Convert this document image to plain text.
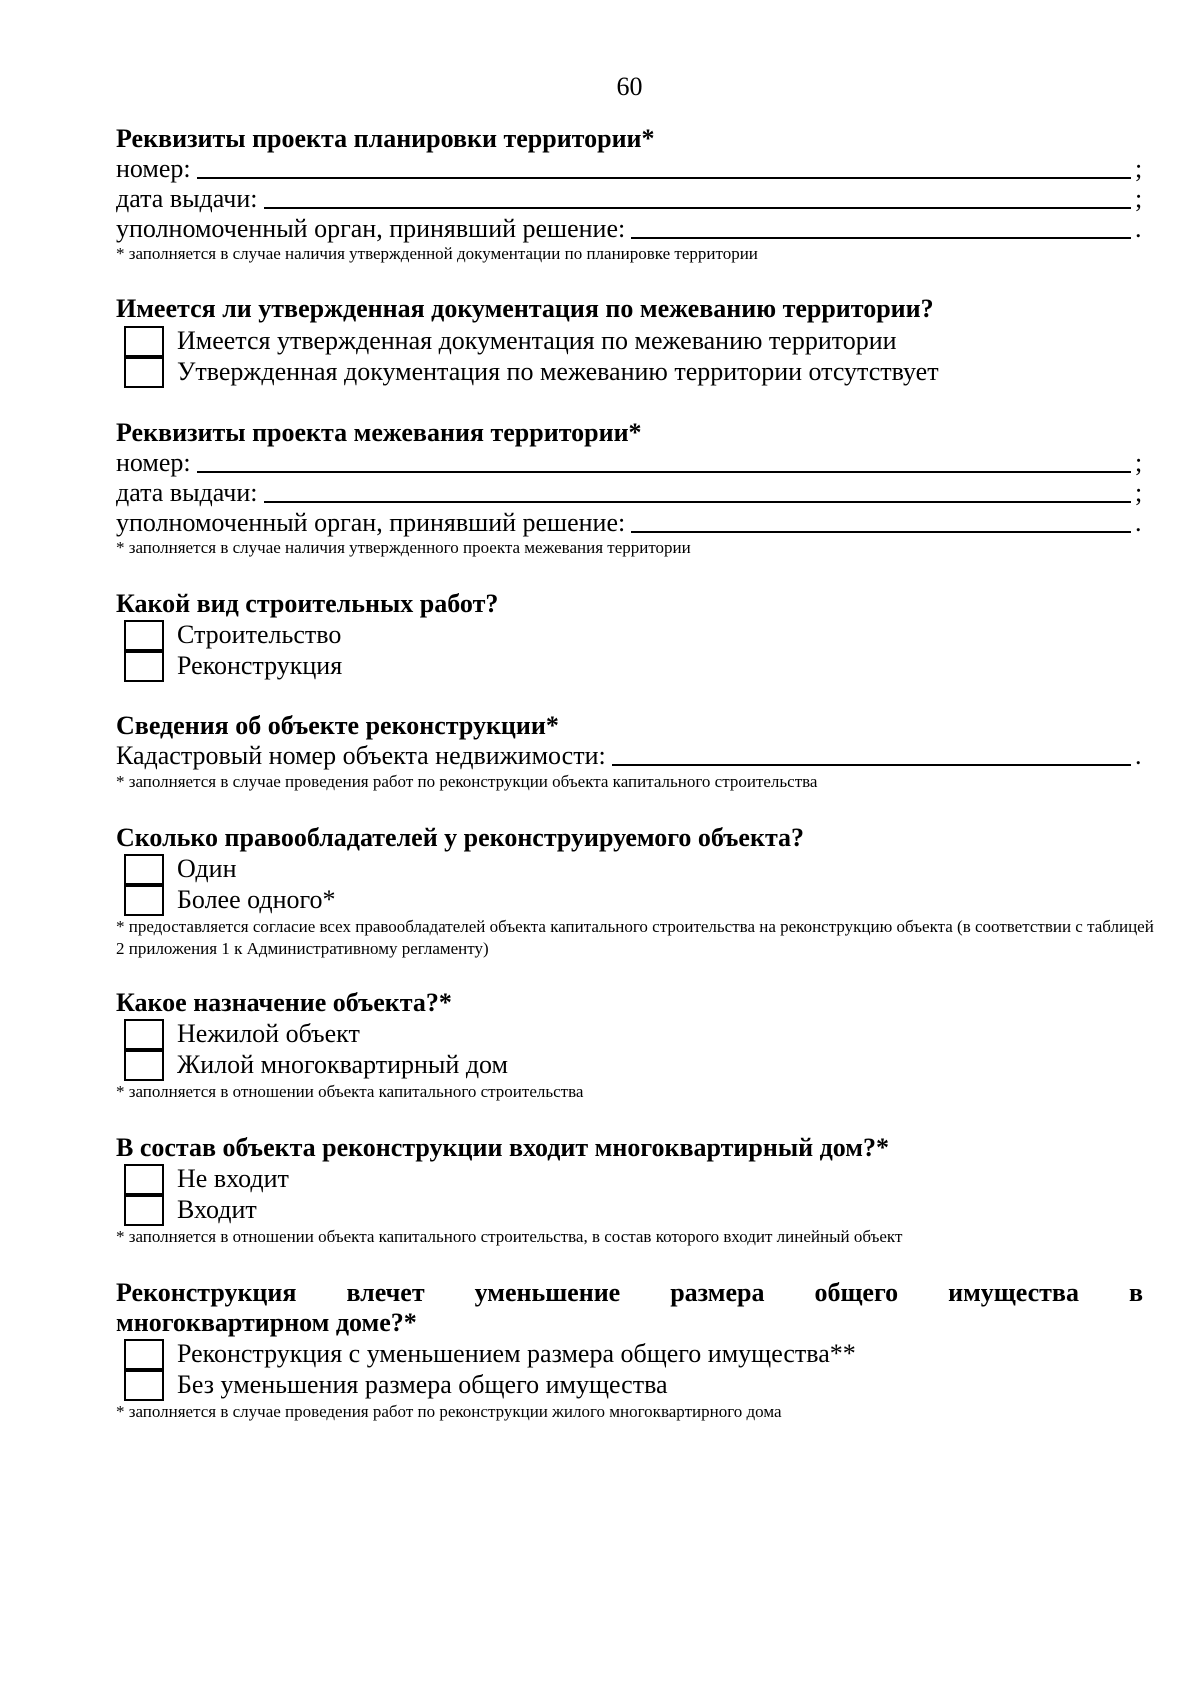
60
Реквизиты проекта планировки территории*
номер:	;
дата выдачи:	;
уполномоченный орган, принявший решение:	.
* заполняется в случае наличия утвержденной документации по планировке территории
Имеется ли утвержденная документация по межеванию территории?
Имеется утвержденная документация по межеванию территории
Утвержденная документация по межеванию территории отсутствует
Реквизиты проекта межевания территории*
номер:	;
дата выдачи:	;
уполномоченный орган, принявший решение:	.
* заполняется в случае наличия утвержденного проекта межевания территории
Какой вид строительных работ?
Строительство
Реконструкция
Сведения об объекте реконструкции*
Кадастровый номер объекта недвижимости:	.
* заполняется в случае проведения работ по реконструкции объекта капитального строительства
Сколько правообладателей у реконструируемого объекта?
Один
Более одного*
* предоставляется согласие всех правообладателей объекта капитального строительства на реконструкцию объекта (в соответствии с таблицей 2 приложения 1 к Административному регламенту)
Какое назначение объекта?*
Нежилой объект
Жилой многоквартирный дом
* заполняется в отношении объекта капитального строительства
В состав объекта реконструкции входит многоквартирный дом?*
Не входит
Входит
* заполняется в отношении объекта капитального строительства, в состав которого входит линейный объект
Реконструкция влечет уменьшение размера общего имущества в
многоквартирном доме?*
Реконструкция с уменьшением размера общего имущества**
Без уменьшения размера общего имущества
* заполняется в случае проведения работ по реконструкции жилого многоквартирного дома
